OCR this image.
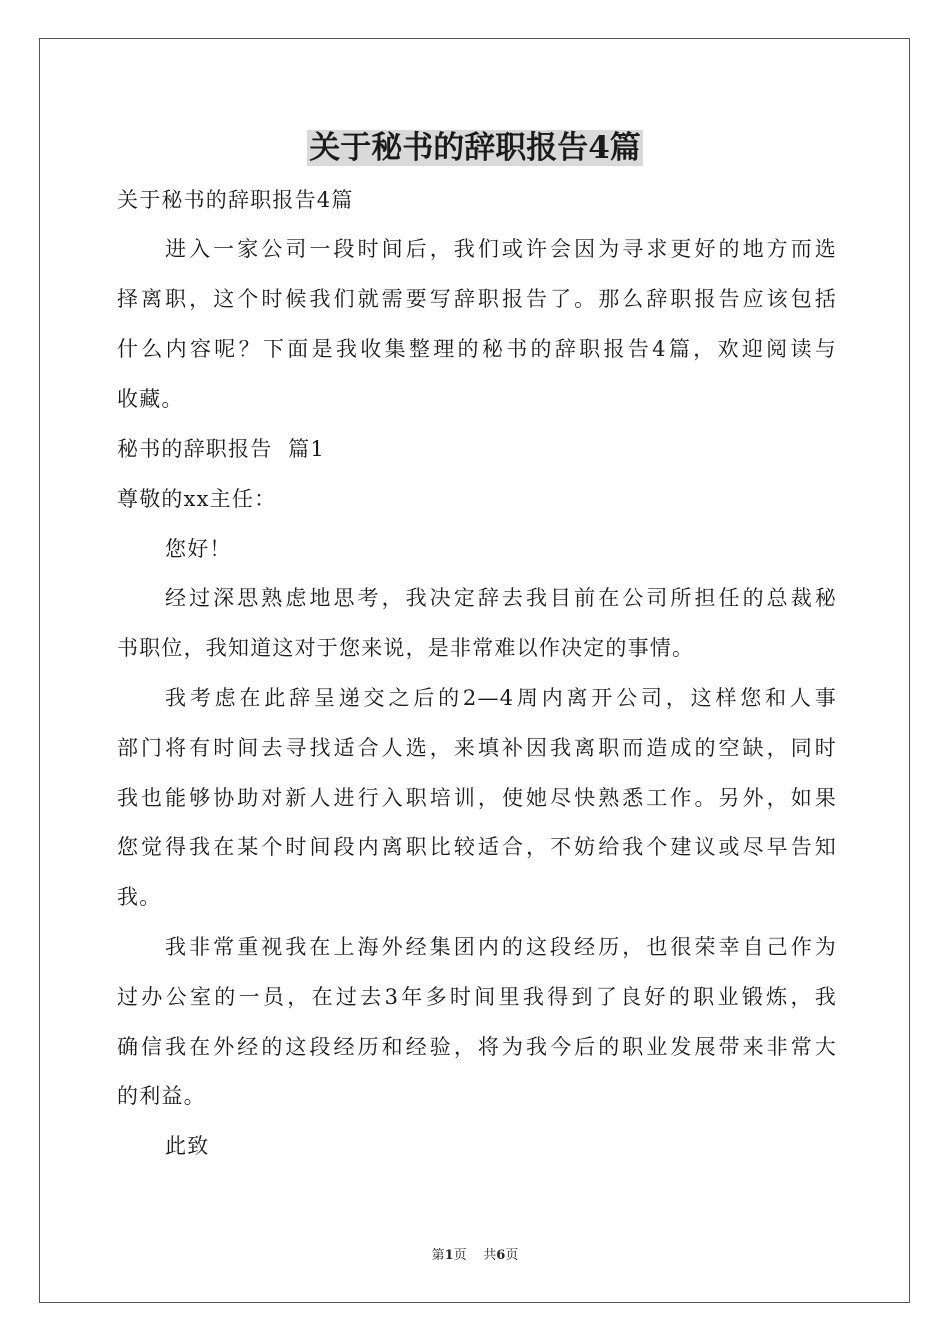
关于秘书的辞职报告4篇
关于秘书的辞职报告4篇
进入一家公司一段时间后，我们或许会因为寻求更好的地方而选
择离职，这个时候我们就需要写辞职报告了。那么辞职报告应该包括
什么内容呢？下面是我收集整理的秘书的辞职报告4篇，欢迎阅读与
收藏。
秘书的辞职报告  篇1
尊敬的xx主任：
您好！
经过深思熟虑地思考，我决定辞去我目前在公司所担任的总裁秘
书职位，我知道这对于您来说，是非常难以作决定的事情。
我考虑在此辞呈递交之后的2—4周内离开公司，这样您和人事
部门将有时间去寻找适合人选，来填补因我离职而造成的空缺，同时
我也能够协助对新人进行入职培训，使她尽快熟悉工作。另外，如果
您觉得我在某个时间段内离职比较适合，不妨给我个建议或尽早告知
我。
我非常重视我在上海外经集团内的这段经历，也很荣幸自己作为
过办公室的一员，在过去3年多时间里我得到了良好的职业锻炼，我
确信我在外经的这段经历和经验，将为我今后的职业发展带来非常大
的利益。
此致
第1页 共6页
